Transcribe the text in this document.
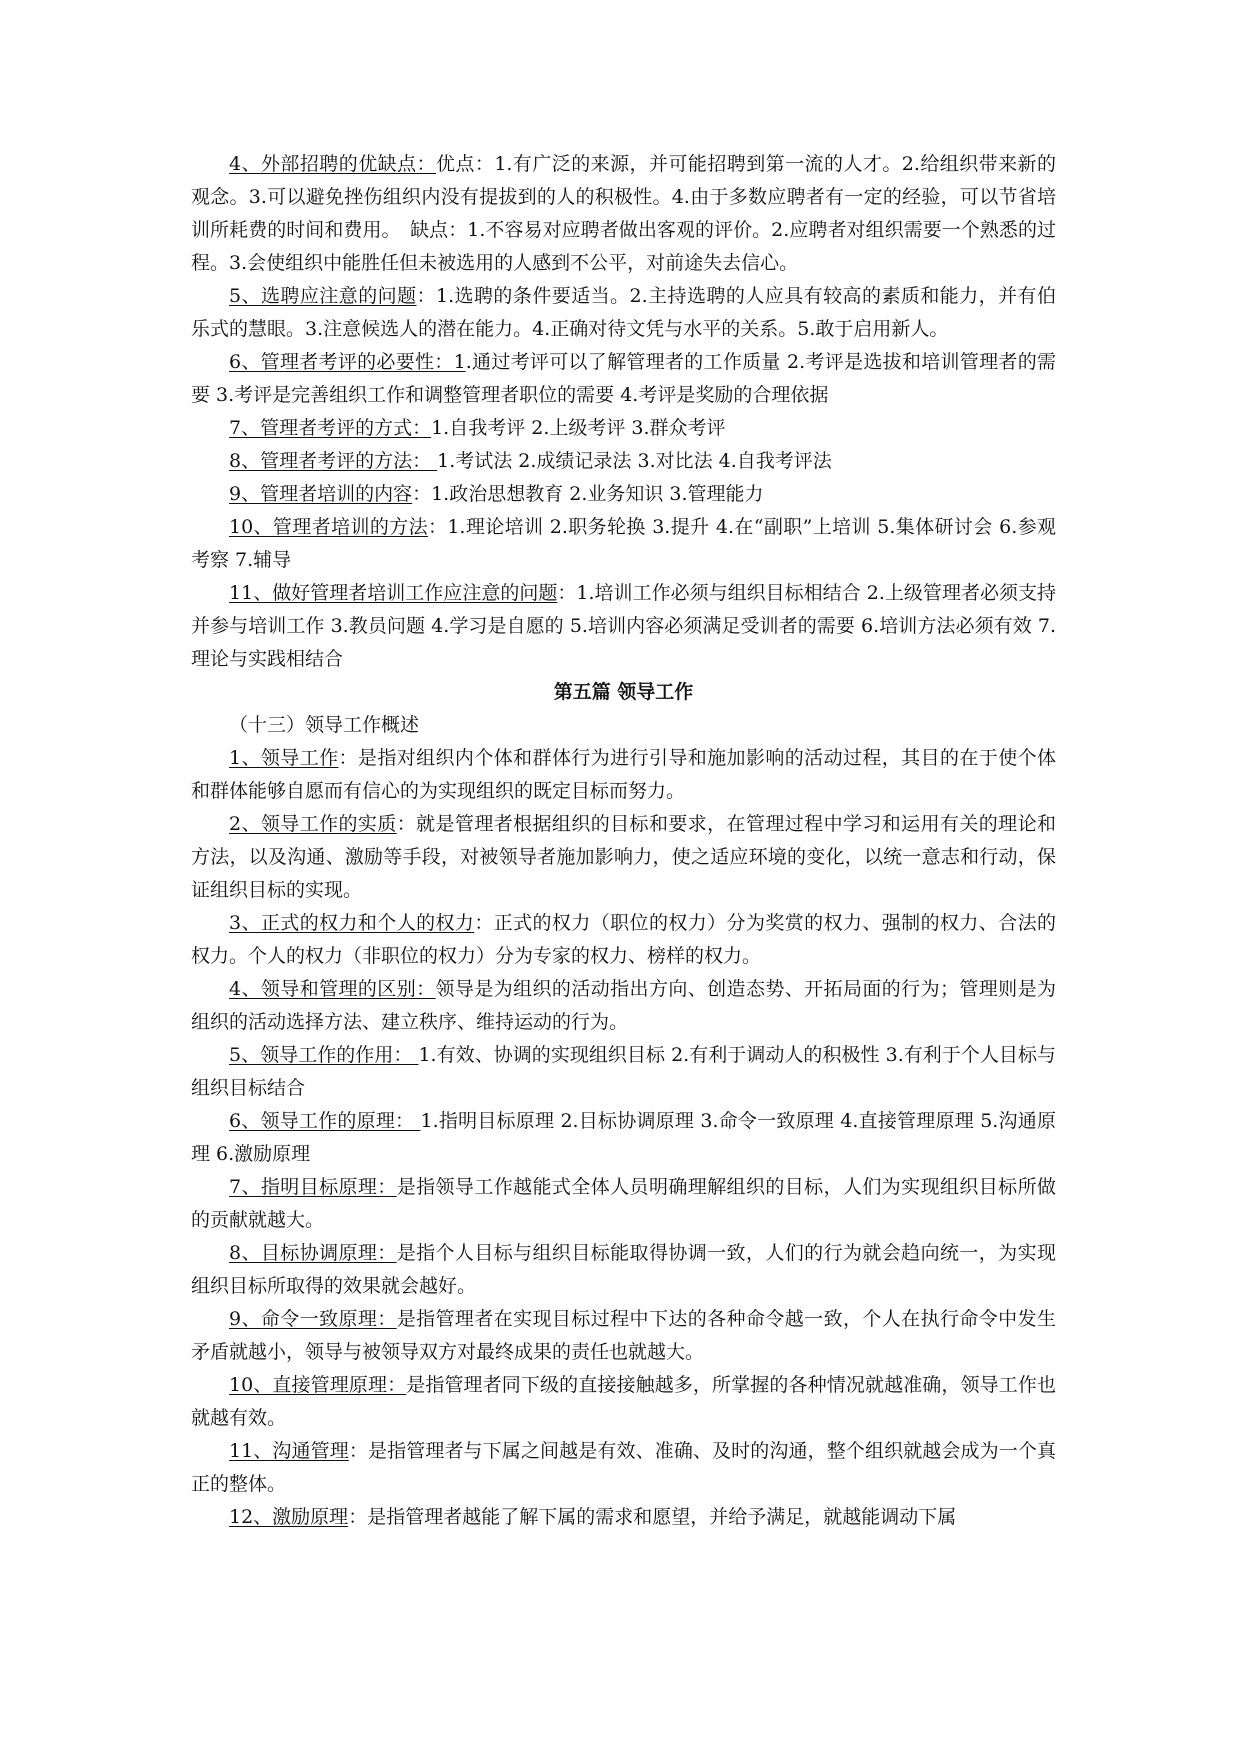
4、外部招聘的优缺点：优点：1.有广泛的来源，并可能招聘到第一流的人才。2.给组织带来新的观念。3.可以避免挫伤组织内没有提拔到的人的积极性。4.由于多数应聘者有一定的经验，可以节省培训所耗费的时间和费用。　缺点：1.不容易对应聘者做出客观的评价。2.应聘者对组织需要一个熟悉的过程。3.会使组织中能胜任但未被选用的人感到不公平，对前途失去信心。

5、选聘应注意的问题：1.选聘的条件要适当。2.主持选聘的人应具有较高的素质和能力，并有伯乐式的慧眼。3.注意候选人的潜在能力。4.正确对待文凭与水平的关系。5.敢于启用新人。

6、管理者考评的必要性：1.通过考评可以了解管理者的工作质量 2.考评是选拔和培训管理者的需要 3.考评是完善组织工作和调整管理者职位的需要 4.考评是奖励的合理依据

7、管理者考评的方式：1.自我考评 2.上级考评 3.群众考评

8、管理者考评的方法： 1.考试法 2.成绩记录法 3.对比法 4.自我考评法

9、管理者培训的内容：1.政治思想教育 2.业务知识 3.管理能力

10、管理者培训的方法：1.理论培训 2.职务轮换 3.提升 4.在“副职”上培训 5.集体研讨会 6.参观考察 7.辅导

11、做好管理者培训工作应注意的问题：1.培训工作必须与组织目标相结合 2.上级管理者必须支持并参与培训工作 3.教员问题 4.学习是自愿的 5.培训内容必须满足受训者的需要 6.培训方法必须有效 7.理论与实践相结合

第五篇 领导工作

（十三）领导工作概述

1、领导工作：是指对组织内个体和群体行为进行引导和施加影响的活动过程，其目的在于使个体和群体能够自愿而有信心的为实现组织的既定目标而努力。

2、领导工作的实质：就是管理者根据组织的目标和要求，在管理过程中学习和运用有关的理论和方法，以及沟通、激励等手段，对被领导者施加影响力，使之适应环境的变化，以统一意志和行动，保证组织目标的实现。

3、正式的权力和个人的权力：正式的权力（职位的权力）分为奖赏的权力、强制的权力、合法的权力。个人的权力（非职位的权力）分为专家的权力、榜样的权力。

4、领导和管理的区别：领导是为组织的活动指出方向、创造态势、开拓局面的行为；管理则是为组织的活动选择方法、建立秩序、维持运动的行为。

5、领导工作的作用： 1.有效、协调的实现组织目标 2.有利于调动人的积极性 3.有利于个人目标与组织目标结合

6、领导工作的原理： 1.指明目标原理 2.目标协调原理 3.命令一致原理 4.直接管理原理 5.沟通原理 6.激励原理

7、指明目标原理：是指领导工作越能式全体人员明确理解组织的目标，人们为实现组织目标所做的贡献就越大。

8、目标协调原理：是指个人目标与组织目标能取得协调一致，人们的行为就会趋向统一，为实现组织目标所取得的效果就会越好。

9、命令一致原理：是指管理者在实现目标过程中下达的各种命令越一致，个人在执行命令中发生矛盾就越小，领导与被领导双方对最终成果的责任也就越大。

10、直接管理原理：是指管理者同下级的直接接触越多，所掌握的各种情况就越准确，领导工作也就越有效。

11、沟通管理：是指管理者与下属之间越是有效、准确、及时的沟通，整个组织就越会成为一个真正的整体。

12、激励原理：是指管理者越能了解下属的需求和愿望，并给予满足，就越能调动下属
